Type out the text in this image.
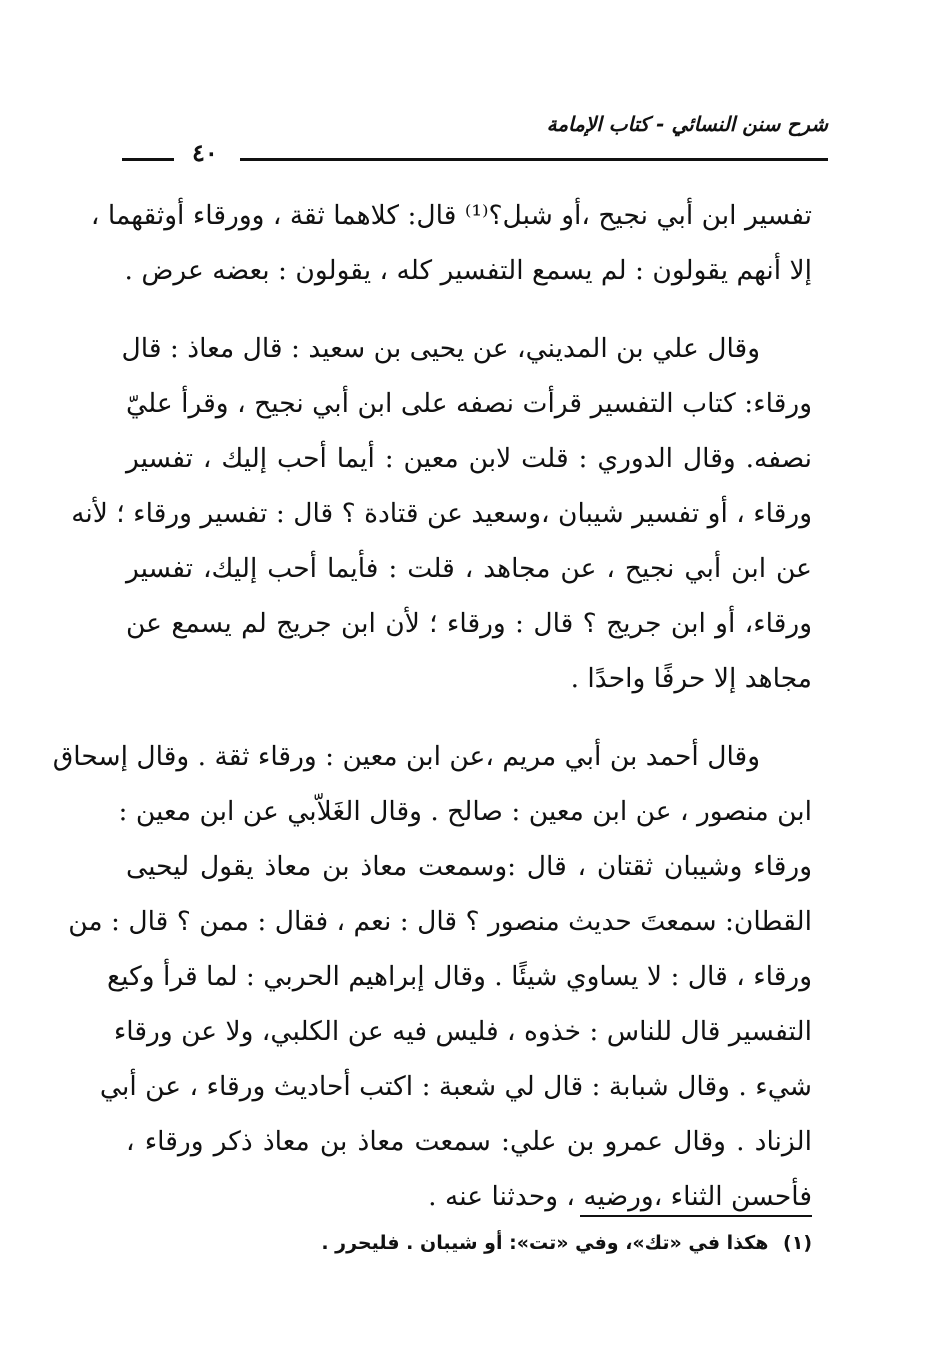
شرح سنن النسائي - كتاب الإمامة
٤٠
تفسير ابن أبي نجيح ،أو شبل؟⁽¹⁾ قال: كلاهما ثقة ، وورقاء أوثقهما ،
إلا أنهم يقولون : لم يسمع التفسير كله ، يقولون : بعضه عرض .
وقال علي بن المديني، عن يحيى بن سعيد : قال معاذ : قال
ورقاء: كتاب التفسير قرأت نصفه على ابن أبي نجيح ، وقرأ عليّ
نصفه. وقال الدوري : قلت لابن معين : أيما أحب إليك ، تفسير
ورقاء ، أو تفسير شيبان ،وسعيد عن قتادة ؟ قال : تفسير ورقاء ؛ لأنه
عن ابن أبي نجيح ، عن مجاهد ، قلت : فأيما أحب إليك، تفسير
ورقاء، أو ابن جريج ؟ قال : ورقاء ؛ لأن ابن جريج لم يسمع عن
مجاهد إلا حرفًا واحدًا .
وقال أحمد بن أبي مريم ،عن ابن معين : ورقاء ثقة . وقال إسحاق
ابن منصور ، عن ابن معين : صالح . وقال الغَلاّبي عن ابن معين :
ورقاء وشيبان ثقتان ، قال :وسمعت معاذ بن معاذ يقول ليحيى
القطان: سمعتَ حديث منصور ؟ قال : نعم ، فقال : ممن ؟ قال : من
ورقاء ، قال : لا يساوي شيئًا . وقال إبراهيم الحربي : لما قرأ وكيع
التفسير قال للناس : خذوه ، فليس فيه عن الكلبي، ولا عن ورقاء
شيء . وقال شبابة : قال لي شعبة : اكتب أحاديث ورقاء ، عن أبي
الزناد . وقال عمرو بن علي: سمعت معاذ بن معاذ ذكر ورقاء ،
فأحسن الثناء ،ورضيه ، وحدثنا عنه .
(١) هكذا في «تك»، وفي «تت»: أو شيبان . فليحرر .
